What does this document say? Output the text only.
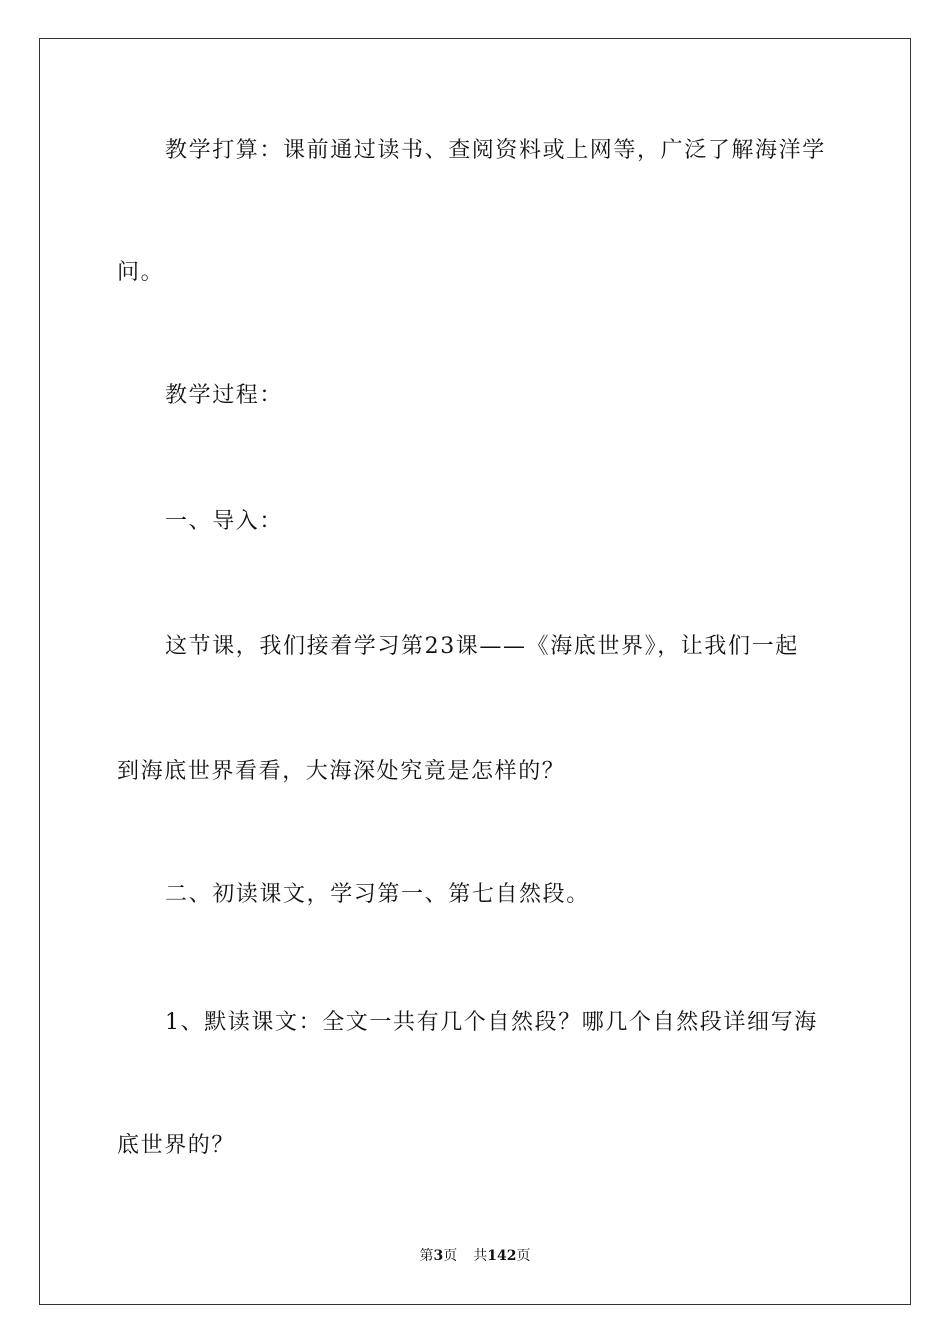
教学打算：课前通过读书、查阅资料或上网等，广泛了解海洋学
问。
教学过程：
一、导入：
这节课，我们接着学习第23课——《海底世界》，让我们一起
到海底世界看看，大海深处究竟是怎样的？
二、初读课文，学习第一、第七自然段。
1、默读课文：全文一共有几个自然段？哪几个自然段详细写海
底世界的？
第3页 共142页
